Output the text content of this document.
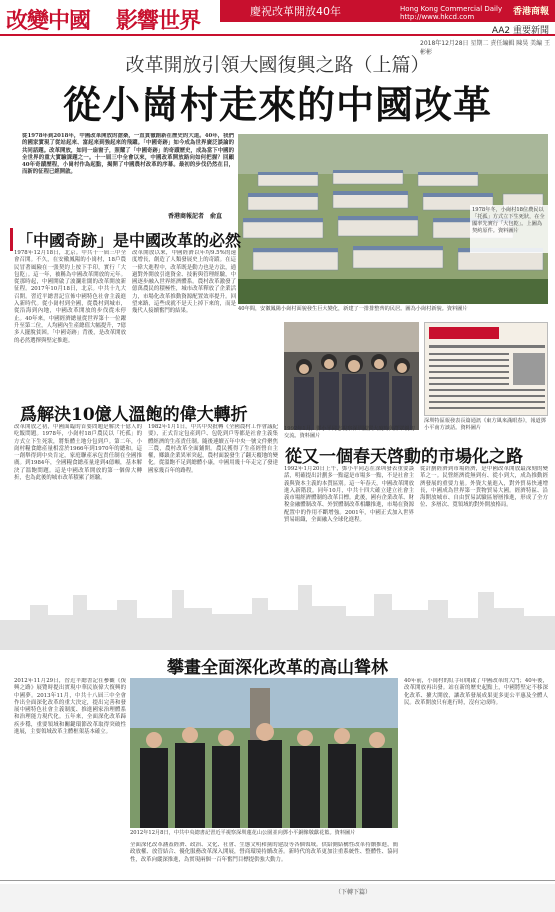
改變中國 影響世界	慶祝改革開放40年	Hong Kong Commercial Daily http://www.hkcd.com	香港商報
AA2 重要新聞
2018年12月28日 星期二 責任編輯 陳昊 美編 王彬彬
改革開放引領大國復興之路（上篇）
從小崗村走來的中國改革
從1978年到2018年，中國改革開放的滄桑，一直貫徹創新在歷史的大道。40年，我們的國家實現了從站起來、富起來到強起來的飛躍。「中國奇跡」如今成為世界廣泛談論的共同話題。改革開放，如同一扇窗子，照耀了「中國奇跡」的奇蹟歷史，成為當下中國的全世界的重大實驗課題之一。十一屆三中全會以來，中國改革開放路向如何把握？回顧40年奇蹟歷程，小崗村作為起點，揭開了中國農村改革的序幕。最初的步伐仍然在目，而新的征程已經開啟。
香港商報記者　俞直
1978年冬，小崗村18位農民以「托孤」方式立下生死狀，在全國率先實行「大包乾」。上圖為契約原件。資料圖片
40年間，安徽鳳陽小崗村面貌發生巨大變化，新建了一排排整齊的民居。圖為小崗村新貌。資料圖片
「中國奇跡」是中國改革的必然
1978年12月18日，北京。中共十一屆三中全會召開。不久，在安徽鳳陽的小崗村，18戶農民冒著風險在一張契約上按下手印，實行「大包乾」。這一年，被稱為中國改革開放的元年。從那時起，中國開啟了波瀾壯闊的改革開放新征程。2017年10月18日，北京。中共十九大召開。習近平總書記宣佈中國特色社會主義進入新時代。從小崗村到全國，從農村到城市，從沿海到內地，中國改革開放的步伐從未停止。40年來，中國經濟總量從世界第十一位躍升至第二位，人均國內生產總值大幅提升，7億多人擺脫貧困。「中國奇跡」背後，是改革開放的必然選擇與堅定推進。
改革開放以來，中國經濟以年均9.5%的速度增長，創造了人類發展史上的奇蹟。在這一偉大進程中，改革既是動力也是方法，通過對外開放引進資金、技術與管理經驗，中國逐步融入世界經濟體系。農村改革激發了億萬農民的積極性，城市改革釋放了企業活力，市場化改革推動資源配置效率提升。回望來路，這些成就不是天上掉下來的，而是幾代人接續奮鬥的結果。
1992年1月，鄧小平同志視察深圳國貿大廈時與群眾親切交流。資料圖片
深圳特區報發表長篇通訊《東方風來滿眼春》，報道鄧小平南方談話。資料圖片
爲解決10億人溫飽的偉大轉折
改革開放之初，中國面臨的首要問題是解決十億人的吃飯問題。1978年，小崗村18戶農民以「托孤」的方式立下生死狀，將集體土地分包到戶。第二年，小崗村糧食總產量相當於1966年到1970年的總和。這一創舉得到中央肯定，家庭聯產承包責任制在全國推廣。到1984年，全國糧食總產量達到4億噸，基本解決了溫飽問題。這是中國改革開放的第一個偉大轉折，也為此後的城市改革積累了經驗。
1982年1月1日，中共中央批轉《全國農村工作會議紀要》，正式肯定包產到戶、包乾到戶等都是社會主義集體經濟的生產責任制。隨後連續五年中央一號文件聚焦三農，農村改革全面鋪開。農民獲得了生產經營自主權，鄉鎮企業異軍突起，農村面貌發生了翻天覆地的變化。從溫飽不足到總體小康，中國用幾十年走完了發達國家幾百年的路程。
從又一個春天啓動的市場化之路
1992年1月20日上午，鄧小平同志在深圳發表重要談話，明確提出計劃多一點還是市場多一點，不是社會主義與資本主義的本質區別。這一年春天，中國改革開放進入新階段。同年10月，中共十四大確立建立社會主義市場經濟體制的改革目標。此後，國有企業改革、財稅金融體制改革、外貿體制改革相繼推進，市場在資源配置中的作用不斷增強。2001年，中國正式加入世界貿易組織，全面融入全球化進程。
從計劃經濟到市場經濟，是中國改革開放最深刻的變革之一。民營經濟從無到有、從小到大，成為推動經濟發展的重要力量。外資大量進入，對外貿易快速增長，中國成為世界第一貨物貿易大國。經濟特區、沿海開放城市、自由貿易試驗區層層推進，形成了全方位、多層次、寬領域的對外開放格局。
攀畫全面深化改革的高山聳林
2012年11月29日，習近平總書記在參觀《復興之路》展覽時提出實現中華民族偉大復興的中國夢。2013年11月，中共十八屆三中全會作出全面深化改革的重大決定，提出完善和發展中國特色社會主義制度、推進國家治理體系和治理能力現代化。五年來，全面深化改革蹄疾步穩，重要領域和關鍵環節改革取得突破性進展，主要領域改革主體框架基本確立。
2012年12月8日，中共中央總書記習近平視察深圳蓮花山公園並向鄧小平銅像敬獻花籃。資料圖片
全面深化改革涵蓋經濟、政治、文化、社會、生態文明和黨的建設等各個領域。供給側結構性改革持續推進，簡政放權、放管結合、優化服務改革深入開展，營商環境持續改善。新時代的改革更加注重系統性、整體性、協同性，改革向縱深推進，為實現兩個一百年奮鬥目標提供強大動力。
40年前，小崗村的紅手印開啟了中國改革的大門；40年後，改革開放再出發。站在新的歷史起點上，中國將堅定不移深化改革、擴大開放，讓改革發展成果更多更公平惠及全體人民。改革開放只有進行時，沒有完成時。
（下轉下篇）
